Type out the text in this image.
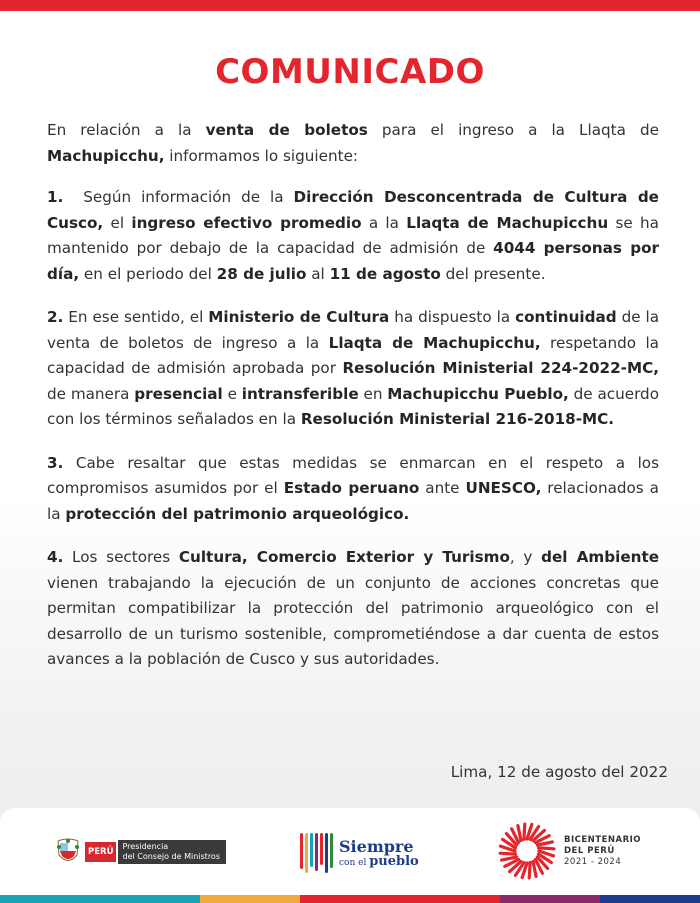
COMUNICADO

En relación a la venta de boletos para el ingreso a la Llaqta de Machupicchu, informamos lo siguiente:

1.  Según información de la Dirección Desconcentrada de Cultura de Cusco, el ingreso efectivo promedio a la Llaqta de Machupicchu se ha mantenido por debajo de la capacidad de admisión de 4044 personas por día, en el periodo del 28 de julio al 11 de agosto del presente.

2. En ese sentido, el Ministerio de Cultura ha dispuesto la continuidad de la venta de boletos de ingreso a la Llaqta de Machupicchu, respetando la capacidad de admisión aprobada por Resolución Ministerial 224-2022-MC, de manera presencial e intransferible en Machupicchu Pueblo, de acuerdo con los términos señalados en la Resolución Ministerial 216-2018-MC.

3. Cabe resaltar que estas medidas se enmarcan en el respeto a los compromisos asumidos por el Estado peruano ante UNESCO, relacionados a la protección del patrimonio arqueológico.

4. Los sectores Cultura, Comercio Exterior y Turismo, y del Ambiente vienen trabajando la ejecución de un conjunto de acciones concretas que permitan compatibilizar la protección del patrimonio arqueológico con el desarrollo de un turismo sostenible, comprometiéndose a dar cuenta de estos avances a la población de Cusco y sus autoridades.

Lima, 12 de agosto del 2022
PERÚ
Presidencia
del Consejo de Ministros
Siempre
con el pueblo
BICENTENARIO
DEL PERÚ
2021 - 2024
